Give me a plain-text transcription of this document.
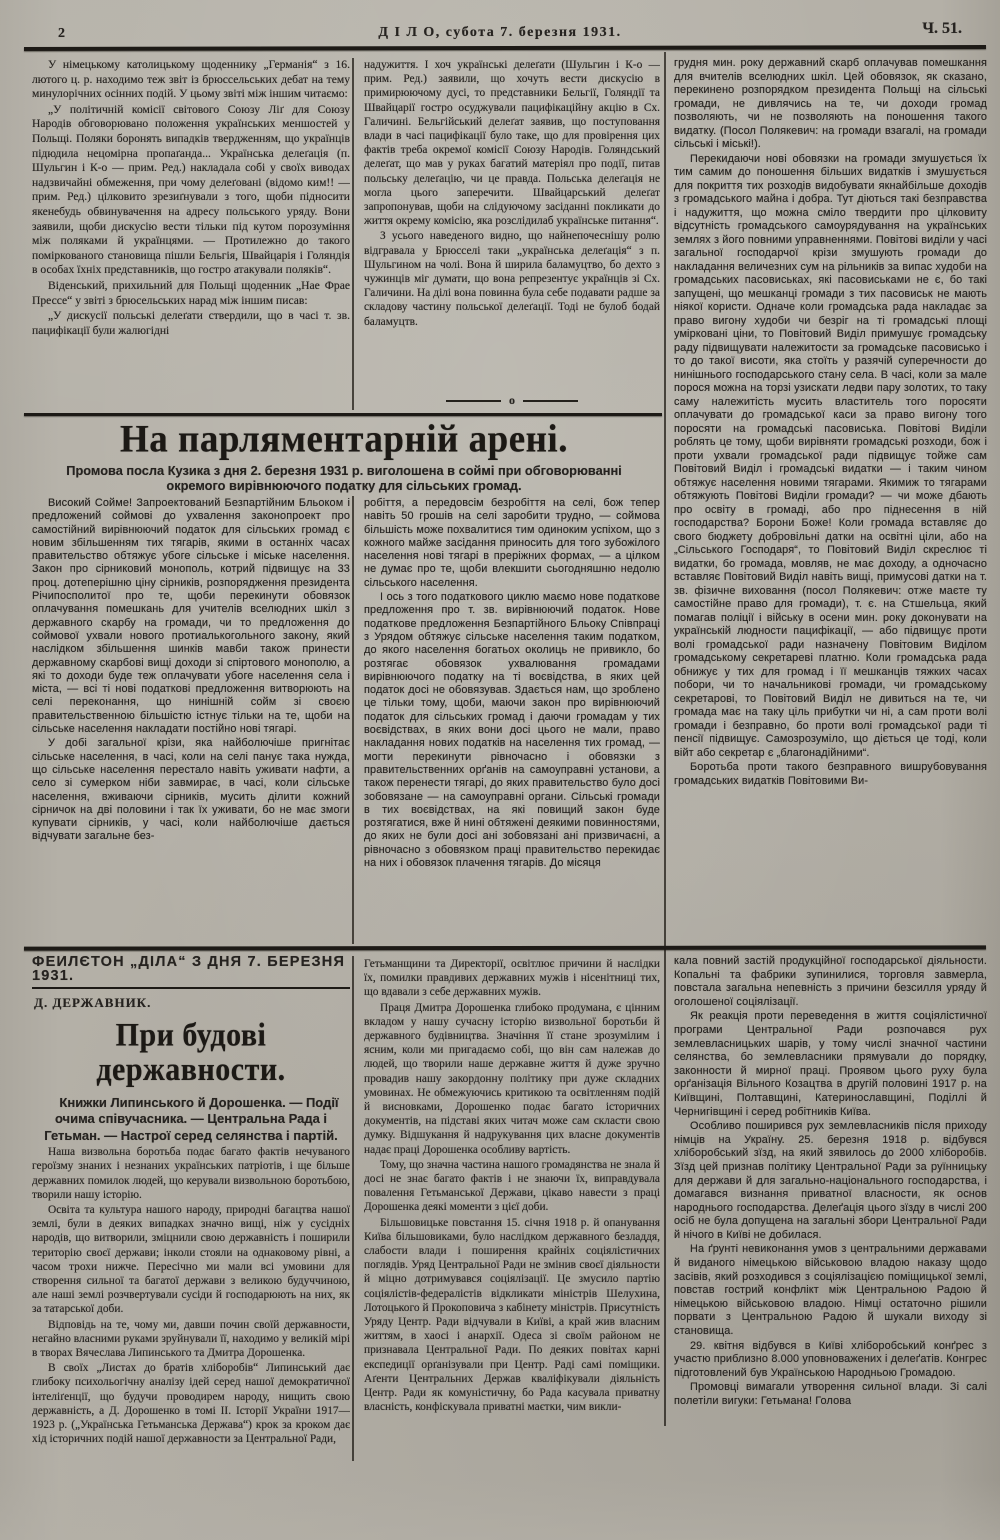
2	Д І Л О, субота 7. березня 1931.	Ч. 51.

У німецькому католицькому щоденнику „Германія“ з 16. лютого ц. р. находимо теж звіт із брюссельських дебат на тему минулорічних осінних подій. У цьому звіті між іншим читаємо:

„У політичній комісії світового Союзу Ліґ для Союзу Народів обговорювано положення українських меншостей у Польщі. Поляки боронять випадків твердженням, що українців підюдила нецомірна пропаґанда... Українська делеґація (п. Шульгин і К-о — прим. Ред.) накладала собі у своїх виводах надзвичайні обмеження, при чому делеґовані (відомо ким!! — прим. Ред.) цілковито зрезиґнували з того, щоби підносити якенебудь обвинувачення на адресу польського уряду. Вони заявили, щоби дискусію вести тільки під кутом порозуміння між поляками й українцями. — Протилежно до такого поміркованого становища пішли Бельгія, Швайцарія і Голяндія в особах їхніх представників, що гостро атакували поляків“.

Віденський, прихильний для Польщі щоденник „Нае Фрае Прессе“ у звіті з брюсельських нарад між іншим писав:

„У дискусії польські делеґати ствердили, що в часі т. зв. пацифікації були жалюгідні

надужиття. І хоч українські делеґати (Шульгин і К-о — прим. Ред.) заявили, що хочуть вести дискусію в примирюючому дусі, то представники Бельгії, Голяндії та Швайцарії гостро осуджували пацифікаційну акцію в Сх. Галичині. Бельгійський делеґат заявив, що поступовання влади в часі пацифікації було таке, що для провірення цих фактів треба окремої комісії Союзу Народів. Голяндський делеґат, що мав у руках багатий матеріял про події, питав польську делеґацію, чи це правда. Польська делеґація не могла цього заперечити. Швайцарський делеґат запропонував, щоби на слідуючому засіданні покликати до життя окрему комісію, яка розслідилаб українське питання“.

З усього наведеного видно, що найнепочеснішу ролю відгравала у Брюсселі таки „українська делеґація“ з п. Шульгином на чолі. Вона й ширила баламуцтво, бо дехто з чужинців міг думати, що вона репрезентує українців зі Сх. Галичини. На ділі вона повинна була себе подавати радше за складову частину польської делеґації. Тоді не булоб бодай баламуцтв.

о

грудня мин. року державний скарб оплачував помешкання для вчителів вселюдних шкіл. Цей обовязок, як сказано, перекинено розпорядком президента Польщі на сільські громади, не дивлячись на те, чи доходи громад позволяють, чи не позволяють на поношення такого видатку. (Посол Полякевич: на громади взагалі, на громади сільські і міські!).

Перекидаючи нові обовязки на громади змушується їх тим самим до поношення більших видатків і змушується для покриття тих розходів видобувати якнайбільше доходів з громадського майна і добра. Тут діються такі безправства і надужиття, що можна сміло твердити про цілковиту відсутність громадського самоурядування на українських землях з його повними управненнями. Повітові виділи у часі загальної господарчої крізи змушують громади до накладання величезних сум на рільників за випас худоби на громадських пасовиськах, які пасовиськами не є, бо такі запущені, що мешканці громади з тих пасовиськ не мають ніякої користи. Одначе коли громадська рада накладає за право вигону худоби чи безріг на ті громадські площі умірковані ціни, то Повітовий Виділ примушує громадську раду підвищувати належитости за громадське пасовисько і то до такої висоти, яка стоїть у разячій суперечности до нинішнього господарського стану села. В часі, коли за мале порося можна на торзі узискати ледви пару золотих, то таку саму належитість мусить властитель того поросяти оплачувати до громадської каси за право вигону того поросяти на громадські пасовиська. Повітові Виділи роблять це тому, щоби вирівняти громадські розходи, бож і проти ухвали громадської ради підвищує тойже сам Повітовий Виділ і громадські видатки — і таким чином обтяжує населення новими тягарами. Якимиж то тягарами обтяжують Повітові Виділи громади? — чи може дбають про освіту в громаді, або про піднесення в ній господарства? Борони Боже! Коли громада вставляє до свого бюджету добровільні датки на освітні ціли, або на „Сільського Господаря“, то Повітовий Виділ скреслює ті видатки, бо громада, мовляв, не має доходу, а одночасно вставляє Повітовий Виділ навіть вищі, примусові датки на т. зв. фізичне виховання (посол Полякевич: отже маєте ту самостійне право для громади), т. є. на Стшельца, який помагав поліції і війську в осени мин. року доконувати на українській людности пацифікації, — або підвищує проти волі громадської ради назначену Повітовим Виділом громадському секретареві платню. Коли громадська рада обнижує у тих для громад і її мешканців тяжких часах побори, чи то начальникові громади, чи громадському секретарові, то Повітовий Виділ не дивиться на те, чи громада має на таку ціль прибутки чи ні, а сам проти волі громади і безправно, бо проти волі громадської ради ті пенсії підвищує. Самозрозуміло, що діється це тоді, коли війт або секретар є „благонадійними“.

Боротьба проти такого безправного вишрубовування громадських видатків Повітовими Ви-

На парляментарній арені.

Промова посла Кузика з дня 2. березня 1931 р. виголошена в соймі при обговорюванні окремого вирівнюючого податку для сільських громад.

Високий Сойме! Запроектований Безпартійним Бльоком і предложений соймові до ухвалення законопроект про самостійний вирівнюючий податок для сільських громад є новим збільшенням тих тягарів, якими в останніх часах правительство обтяжує убоге сільське і міське населення. Закон про сірниковий монополь, котрий підвищує на 33 проц. дотеперішню ціну сірників, розпорядження президента Річипосполитої про те, щоби перекинути обовязок оплачування помешкань для учителів вселюдних шкіл з державного скарбу на громади, чи то предложення до соймової ухвали нового протиалькогольного закону, який наслідком збільшення шинків мавби також принести державному скарбові вищі доходи зі спіртового монополю, а які то доходи буде теж оплачувати убоге населення села і міста, — всі ті нові податкові предложення витворюють на селі переконання, що нинішній сойм зі своєю правительственною більшістю істнує тільки на те, щоби на сільське населення накладати постійно нові тягарі.

У добі загальної крізи, яка найболючіше пригнітає сільське населення, в часі, коли на селі панує така нужда, що сільське населення перестало навіть уживати нафти, а село зі сумерком ніби завмирає, в часі, коли сільське населення, вживаючи сірників, мусить ділити кожний сірничок на дві половини і так їх уживати, бо не має змоги купувати сірників, у часі, коли найболючіше дається відчувати загальне без-

робіття, а передовсім безробіття на селі, бож тепер навіть 50 грошів на селі заробити трудно, — соймова більшість може похвалитися тим одиноким успіхом, що з кожного майже засідання приносить для того зубожілого населення нові тягарі в преріжних формах, — а цілком не думає про те, щоби влекшити сьогодняшню недолю сільського населення.

І ось з того податкового циклю маємо нове податкове предложення про т. зв. вирівнюючий податок. Нове податкове предложення Безпартійного Бльоку Співпраці з Урядом обтяжує сільське населення таким податком, до якого населення богатьох околиць не привикло, бо розтягає обовязок ухвалювання громадами вирівнюючого податку на ті воєвідства, в яких цей податок досі не обовязував. Здається нам, що зроблено це тільки тому, щоби, маючи закон про вирівнюючий податок для сільських громад і даючи громадам у тих воєвідствах, в яких вони досі цього не мали, право накладання нових податків на населення тих громад, — могти перекинути рівночасно і обовязки з правительственних орґанів на самоуправні установи, а також перенести тягарі, до яких правительство було досі зобовязане — на самоуправні органи. Сільські громади в тих воєвідствах, на які повищий закон буде розтягатися, вже й нині обтяжені деякими повинностями, до яких не були досі ані зобовязані ані призвичаєні, а рівночасно з обовязком праці правительство перекидає на них і обовязок плачення тягарів. До місяця

ФЕЙЛЄТОН „ДІЛА“ З ДНЯ 7. БЕРЕЗНЯ 1931.
Д. ДЕРЖАВНИК.
При будові державности.

Книжки Липинського й Дорошенка. — Події очима співучасника. — Центральна Рада і Гетьман. — Настрої серед селянства і партій.

Наша визвольна боротьба подає багато фактів нечуваного героїзму знаних і незнаних українських патріотів, і ще більше державних помилок людей, що керували визвольною боротьбою, творили нашу історію.

Освіта та культура нашого народу, природні багацтва нашої землі, були в деяких випадках значно вищі, ніж у сусідніх народів, що витворили, зміцнили свою державність і поширили територію своєї держави; інколи стояли на однаковому рівні, а часом трохи нижче. Пересічно ми мали всі умовини для створення сильної та багатої держави з великою будуччиною, але наші землі розчвертували сусіди й господарюють на них, як за татарської доби.

Відповідь на те, чому ми, давши почин своїй державности, негайно власними руками зруйнували її, находимо у великій мірі в творах Вячеслава Липинського та Дмитра Дорошенка.

В своїх „Листах до братів хліборобів“ Липинський дає глибоку психольогічну аналізу ідей серед нашої демократичної інтеліґенції, що будучи проводирем народу, нищить свою державність, а Д. Дорошенко в томі II. Історії України 1917—1923 р. („Українська Гетьманська Держава“) крок за кроком дає хід історичних подій нашої державности за Центральної Ради,

Гетьманщини та Директорії, освітлює причини й наслідки їх, помилки правдивих державних мужів і нісенітниці тих, що вдавали з себе державних мужів.

Праця Дмитра Дорошенка глибоко продумана, є цінним вкладом у нашу сучасну історію визвольної боротьби й державного будівництва. Значіння її стане зрозумілим і ясним, коли ми пригадаємо собі, що він сам належав до людей, що творили наше державне життя й дуже зручно провадив нашу закордонну політику при дуже складних умовинах. Не обмежуючись критикою та освітленням подій й висновками, Дорошенко подає багато історичних документів, на підставі яких читач може сам скласти свою думку. Відшукання й надрукування цих власне документів надає праці Дорошенка особливу вартість.

Тому, що значна частина нашого громадянства не знала й досі не знає багато фактів і не знаючи їх, виправдувала повалення Гетьманської Держави, цікаво навести з праці Дорошенка деякі моменти з цієї доби.

Більшовицьке повстання 15. січня 1918 р. й опанування Київа більшовиками, було наслідком державного безладдя, слабости влади і поширення крайніх соціялістичних поглядів. Уряд Центральної Ради не змінив своєї діяльности й міцно дотримувався соціялізації. Це змусило партію соціялістів-федералістів відкликати міністрів Шелухина, Лотоцького й Прокоповича з кабінету міністрів. Присутність Уряду Центр. Ради відчували в Київі, а край жив власним життям, в хаосі і анархії. Одеса зі своїм районом не признавала Центральної Ради. По деяких повітах карні експедиції орґанізували при Центр. Раді самі поміщики. Аґенти Центральних Держав кваліфікували діяльність Центр. Ради як комуністичну, бо Рада касувала приватну власність, конфіскувала приватні маєтки, чим викли-

кала повний застій продукційної господарської діяльности. Копальні та фабрики зупинилися, торговля завмерла, повстала загальна непевність з причини безсилля уряду й оголошеної соціялізації.

Як реакція проти переведення в життя соціялістичної програми Центральної Ради розпочався рух землевласницьких шарів, у тому числі значної частини селянства, бо землевласники прямували до порядку, законности й мирної праці. Проявом цього руху була орґанізація Вільного Козацтва в другій половині 1917 р. на Київщині, Полтавщині, Катеринославщині, Поділлі й Чернигівщині і серед робітників Київа.

Особливо поширився рух землевласників після приходу німців на Україну. 25. березня 1918 р. відбувся хліборобський зїзд, на який зявилось до 2000 хліборобів. Зїзд цей признав політику Центральної Ради за руїнницьку для держави й для загально-національного господарства, і домагався визнання приватної власности, як основ народнього господарства. Делеґація цього зїзду в числі 200 осіб не була допущена на загальні збори Центральної Ради й нічого в Київі не добилася.

На ґрунті невиконання умов з центральними державами й виданого німецькою військовою владою наказу щодо засівів, який розходився з соціялізацією поміщицької землі, повстав гострий конфлікт між Центральною Радою й німецькою військовою владою. Німці остаточно рішили порвати з Центральною Радою й шукали виходу зі становища.

29. квітня відбувся в Київі хліборобський конґрес з участю приблизно 8.000 уповноважених і делеґатів. Конгрес підготовлений був Українською Народньою Громадою.

Промовці вимагали утворення сильної влади. Зі салі полетіли вигуки: Гетьмана! Голова
